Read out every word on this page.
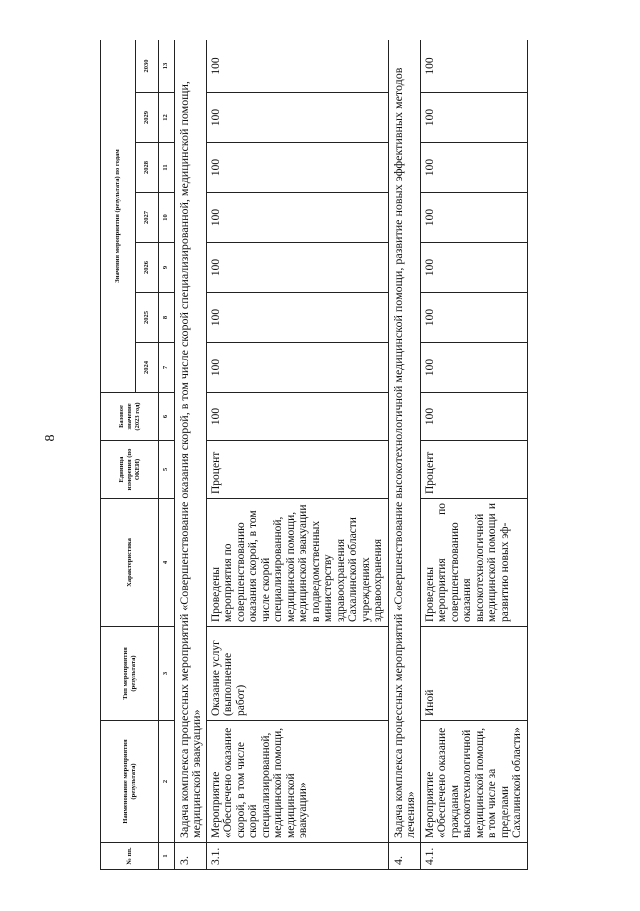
8
№ пп.	Наименование мероприятия (результата)	Тип мероприятия (результата)	Характеристика	Единица измерения (по ОКЕИ)	Базовое значение (2023 год)	Значения мероприятия (результата) по годам						
						2024	2025	2026	2027	2028	2029	2030
1	2	3	4	5	6	7	8	9	10	11	12	13
3.	Задача комплекса процессных мероприятий «Совершенствование оказания скорой, в том числе скорой специализированной, медицинской помощи, медицинской эвакуации»											
3.1.	Мероприятие «Обеспечено оказание скорой, в том числе скорой специализированной, медицинской помощи, медицинской эвакуации»	Оказание услуг (выполнение работ)	Проведены мероприятия по совершенствованию оказания скорой, в том числе скорой специализированной, медицинской помощи, медицинской эвакуации в подведомственных министерству здравоохранения Сахалинской области учреждениях здравоохранения	Процент	100	100	100	100	100	100	100	100
4.	Задача комплекса процессных мероприятий «Совершенствование высокотехнологичной медицинской помощи, развитие новых эффективных методов лечения»											
4.1.	Мероприятие «Обеспечено оказание гражданам высокотехнологичной медицинской помощи, в том числе за пределами Сахалинской области»	Иной	Проведены мероприятия по совершенствованию оказания высокотехнологичной медицинской помощи и развитию новых эф-	Процент	100	100	100	100	100	100	100	100
